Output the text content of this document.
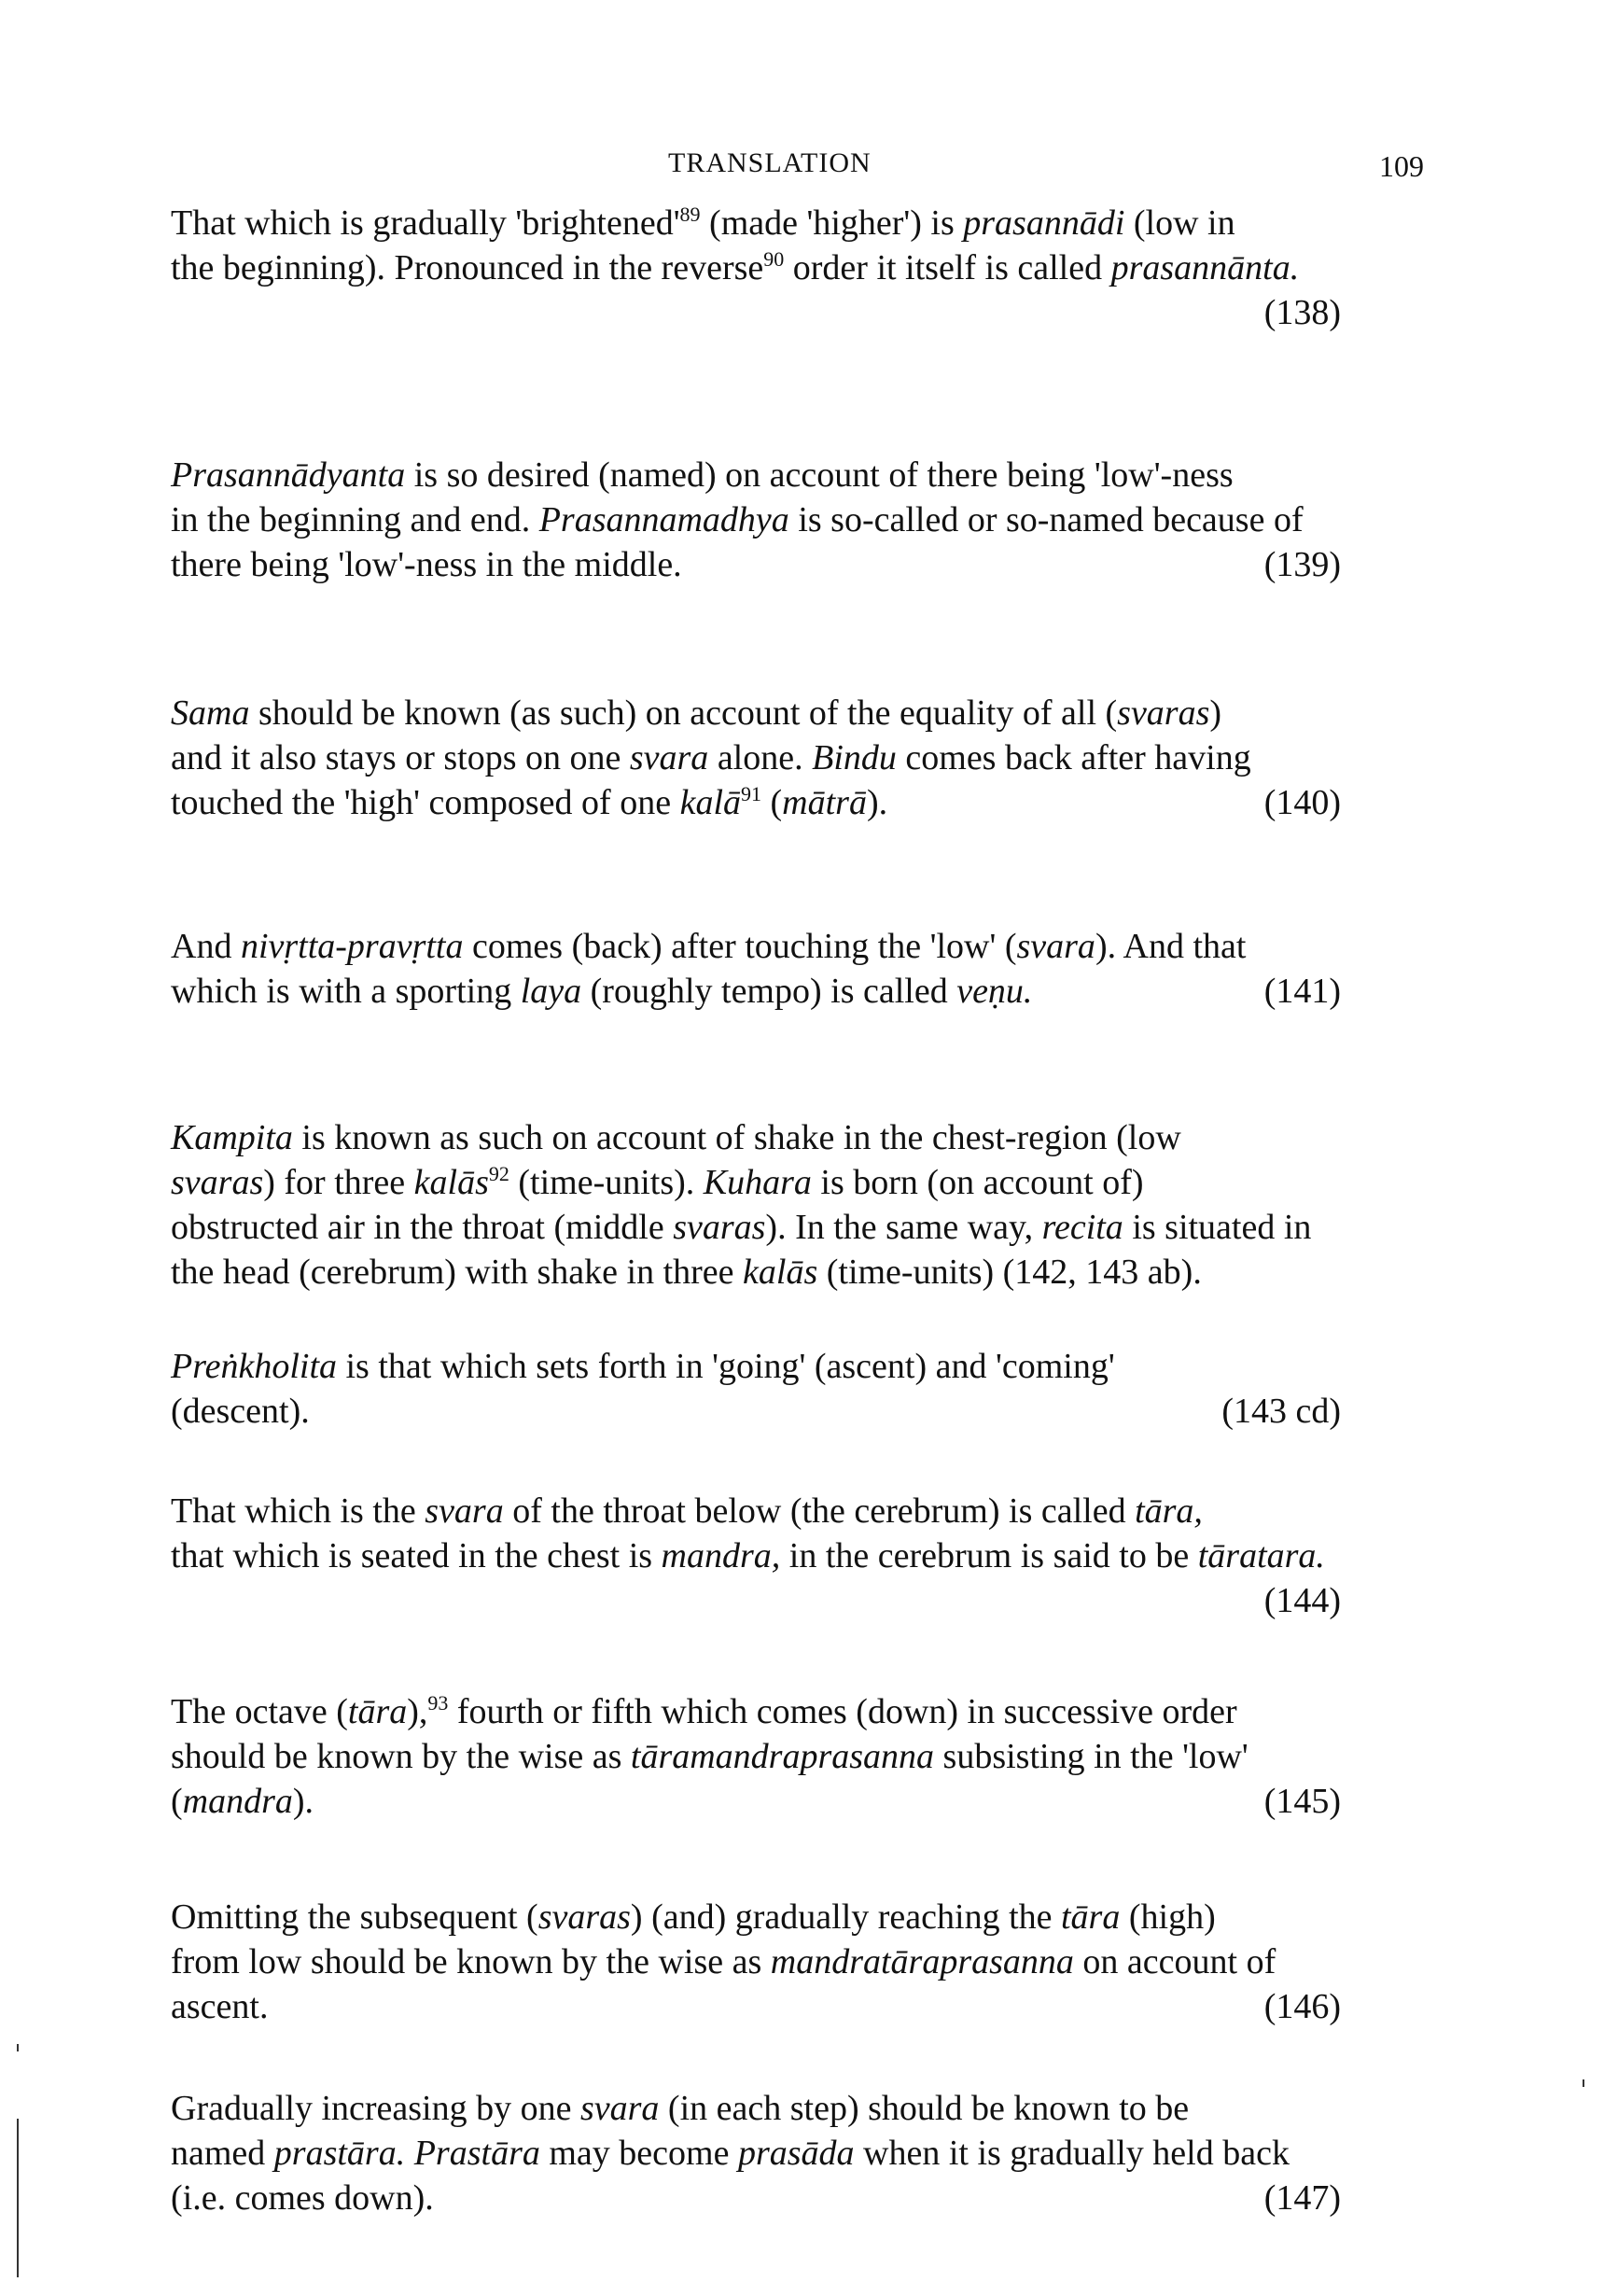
TRANSLATION	109
That which is gradually '$brightened'^{89}$ (made 'higher') is prasannādi (low in
the beginning). Pronounced in the reverse$^{90}$ order it itself is called prasannānta.
(138)
Prasannādyanta is so desired (named) on account of there being 'low'-ness
in the beginning and end. Prasannamadhya is so-called or so-named because of
there being 'low'-ness in the middle.	(139)
Sama should be known (as such) on account of the equality of all (svaras)
and it also stays or stops on one svara alone. Bindu comes back after having
touched the 'high' composed of one kalā$^{91}$ (mātrā).	(140)
And nivṛtta-pravṛtta comes (back) after touching the 'low' (svara). And that
which is with a sporting laya (roughly tempo) is called veṇu.	(141)
Kampita is known as such on account of shake in the chest-region (low
svaras) for three kalās$^{92}$ (time-units). Kuhara is born (on account of)
obstructed air in the throat (middle svaras). In the same way, recita is situated in
the head (cerebrum) with shake in three kalās (time-units) (142, 143 ab).
Preṅkholita is that which sets forth in 'going' (ascent) and 'coming'
(descent).	(143 cd)
That which is the svara of the throat below (the cerebrum) is called tāra,
that which is seated in the chest is mandra, in the cerebrum is said to be tāratara.
(144)
The octave (tāra),$^{93}$ fourth or fifth which comes (down) in successive order
should be known by the wise as tāramandraprasanna subsisting in the 'low'
(mandra).	(145)
Omitting the subsequent (svaras) (and) gradually reaching the tāra (high)
from low should be known by the wise as mandratāraprasanna on account of
ascent.	(146)
Gradually increasing by one svara (in each step) should be known to be
named prastāra. Prastāra may become prasāda when it is gradually held back
(i.e. comes down).	(147)
